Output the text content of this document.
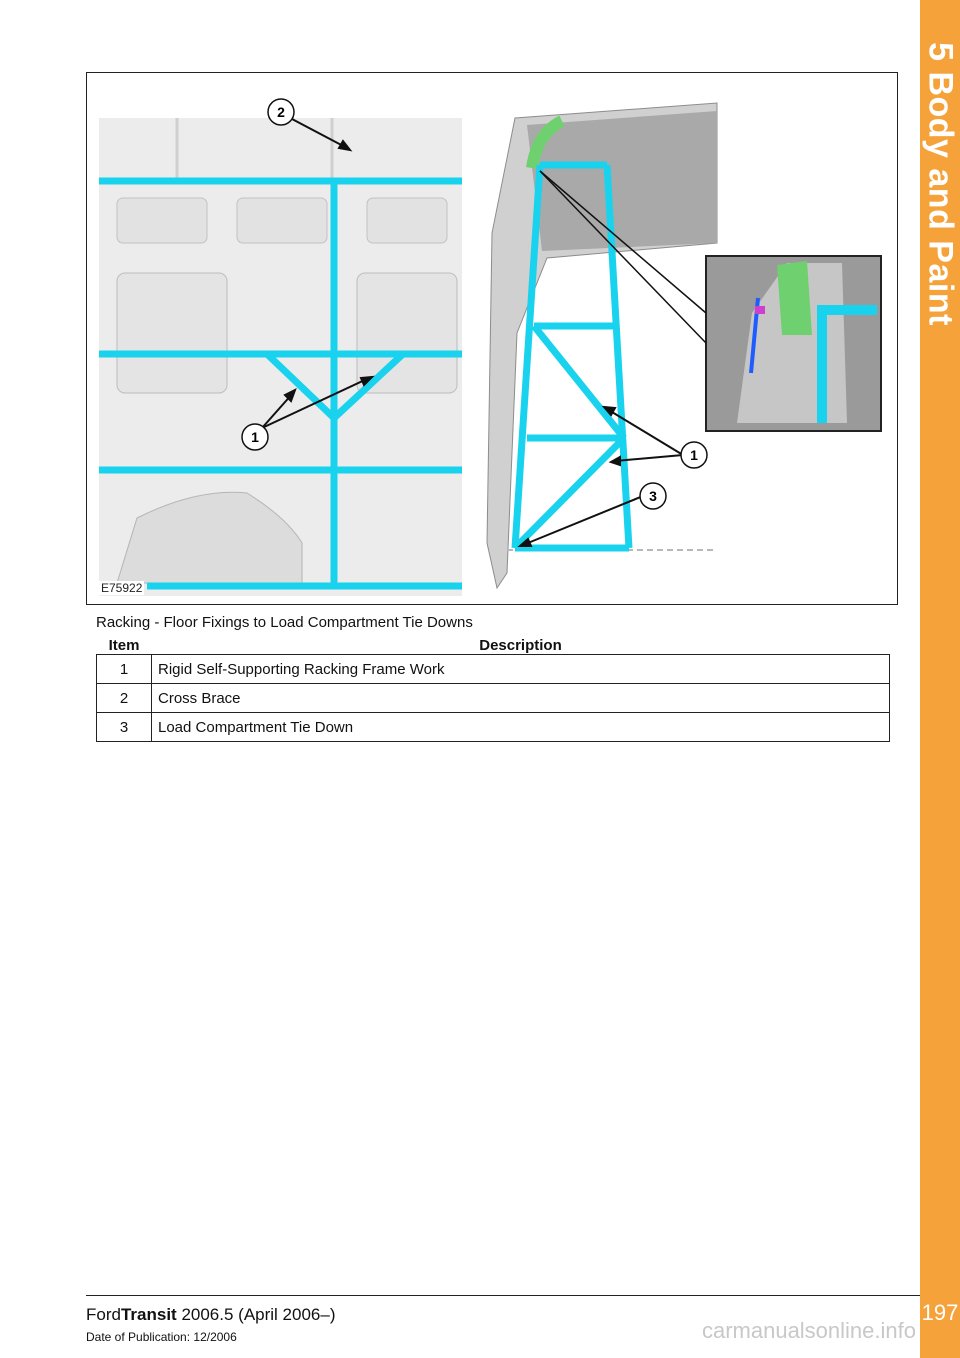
5 Body and Paint
197
2
1
1
3
E75922
Racking - Floor Fixings to Load Compartment Tie Downs
Item	Description
1	Rigid Self-Supporting Racking Frame Work
2	Cross Brace
3	Load Compartment Tie Down
FordTransit 2006.5 (April 2006–)
Date of Publication: 12/2006	carmanualsonline.info
